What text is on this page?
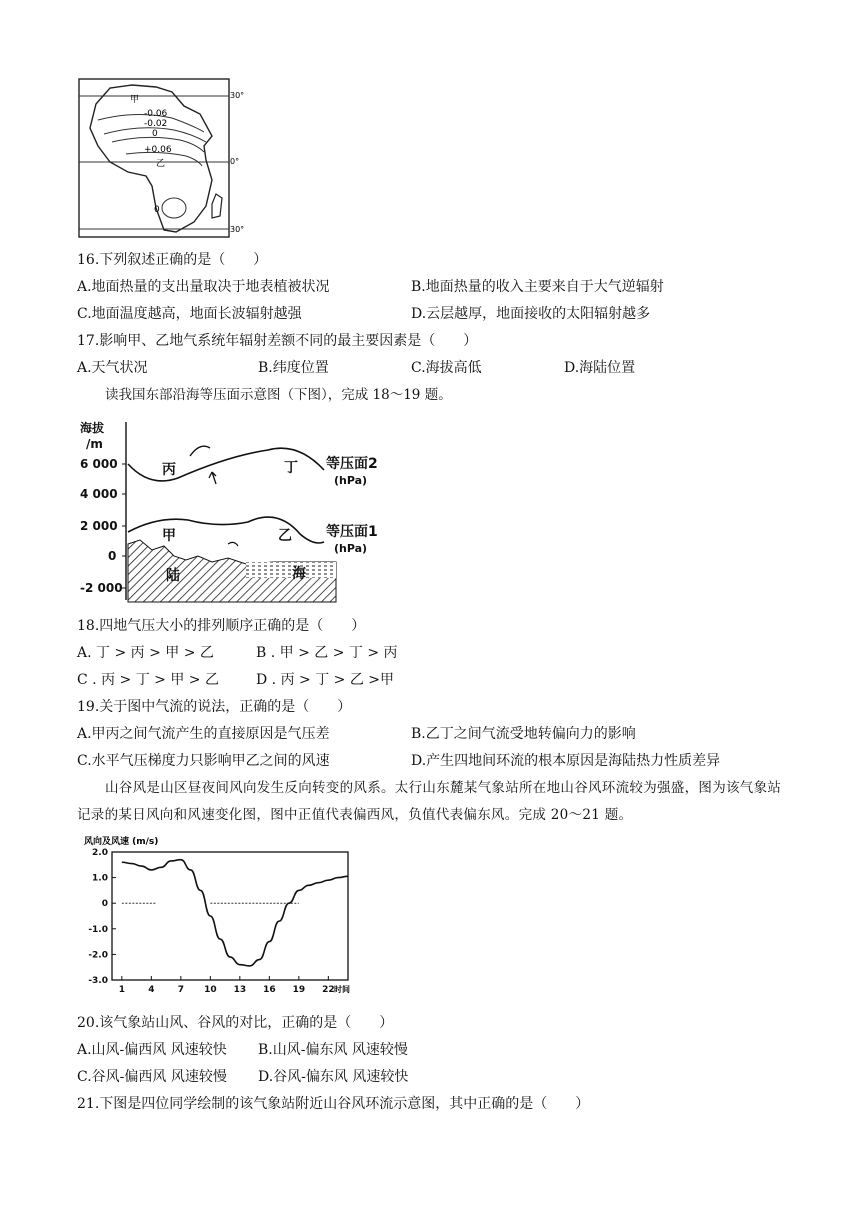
甲
-0.06
-0.02
0
+0.06
乙
0
30°
0°
30°
16.下列叙述正确的是（　　）
A.地面热量的支出量取决于地表植被状况	B.地面热量的收入主要来自于大气逆辐射
C.地面温度越高，地面长波辐射越强	D.云层越厚，地面接收的太阳辐射越多
17.影响甲、乙地气系统年辐射差额不同的最主要因素是（　　）
A.天气状况	B.纬度位置	C.海拔高低	D.海陆位置
读我国东部沿海等压面示意图（下图），完成 18～19 题。
海拔
/m
6 000
4 000
2 000
0
-2 000
丙	丁
甲	乙
陆	海
等压面2
等压面1
(hPa)
(hPa)
18.四地气压大小的排列顺序正确的是（　　）
A. 丁 > 丙 > 甲 > 乙	B . 甲 > 乙 > 丁 > 丙
C . 丙 > 丁 > 甲 > 乙	D . 丙 > 丁 > 乙 >甲
19.关于图中气流的说法，正确的是（　　）
A.甲丙之间气流产生的直接原因是气压差	B.乙丁之间气流受地转偏向力的影响
C.水平气压梯度力只影响甲乙之间的风速	D.产生四地间环流的根本原因是海陆热力性质差异
山谷风是山区昼夜间风向发生反向转变的风系。太行山东麓某气象站所在地山谷风环流较为强盛，图为该气象站记录的某日风向和风速变化图，图中正值代表偏西风，负值代表偏东风。完成 20～21 题。
风向及风速 (m/s)
2.0
1.0
0
-1.0
-2.0
-3.0
1	4	7 10 13 16 19 22 时间
20.该气象站山风、谷风的对比，正确的是（　　）
A.山风-偏西风 风速较快 B.山风-偏东风 风速较慢
C.谷风-偏西风 风速较慢 D.谷风-偏东风 风速较快
21.下图是四位同学绘制的该气象站附近山谷风环流示意图，其中正确的是（　　）
